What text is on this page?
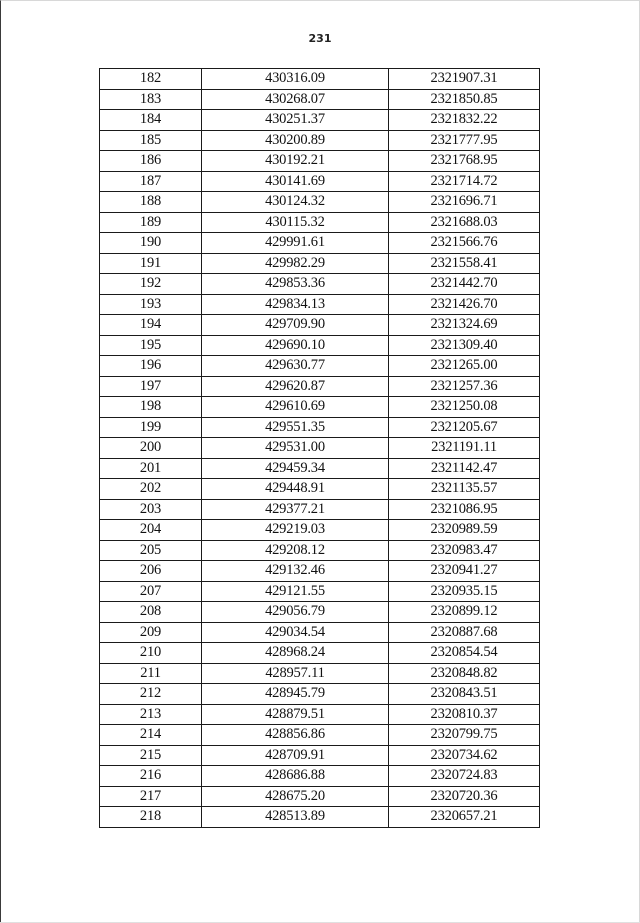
231
182	430316.09	2321907.31
183	430268.07	2321850.85
184	430251.37	2321832.22
185	430200.89	2321777.95
186	430192.21	2321768.95
187	430141.69	2321714.72
188	430124.32	2321696.71
189	430115.32	2321688.03
190	429991.61	2321566.76
191	429982.29	2321558.41
192	429853.36	2321442.70
193	429834.13	2321426.70
194	429709.90	2321324.69
195	429690.10	2321309.40
196	429630.77	2321265.00
197	429620.87	2321257.36
198	429610.69	2321250.08
199	429551.35	2321205.67
200	429531.00	2321191.11
201	429459.34	2321142.47
202	429448.91	2321135.57
203	429377.21	2321086.95
204	429219.03	2320989.59
205	429208.12	2320983.47
206	429132.46	2320941.27
207	429121.55	2320935.15
208	429056.79	2320899.12
209	429034.54	2320887.68
210	428968.24	2320854.54
211	428957.11	2320848.82
212	428945.79	2320843.51
213	428879.51	2320810.37
214	428856.86	2320799.75
215	428709.91	2320734.62
216	428686.88	2320724.83
217	428675.20	2320720.36
218	428513.89	2320657.21
